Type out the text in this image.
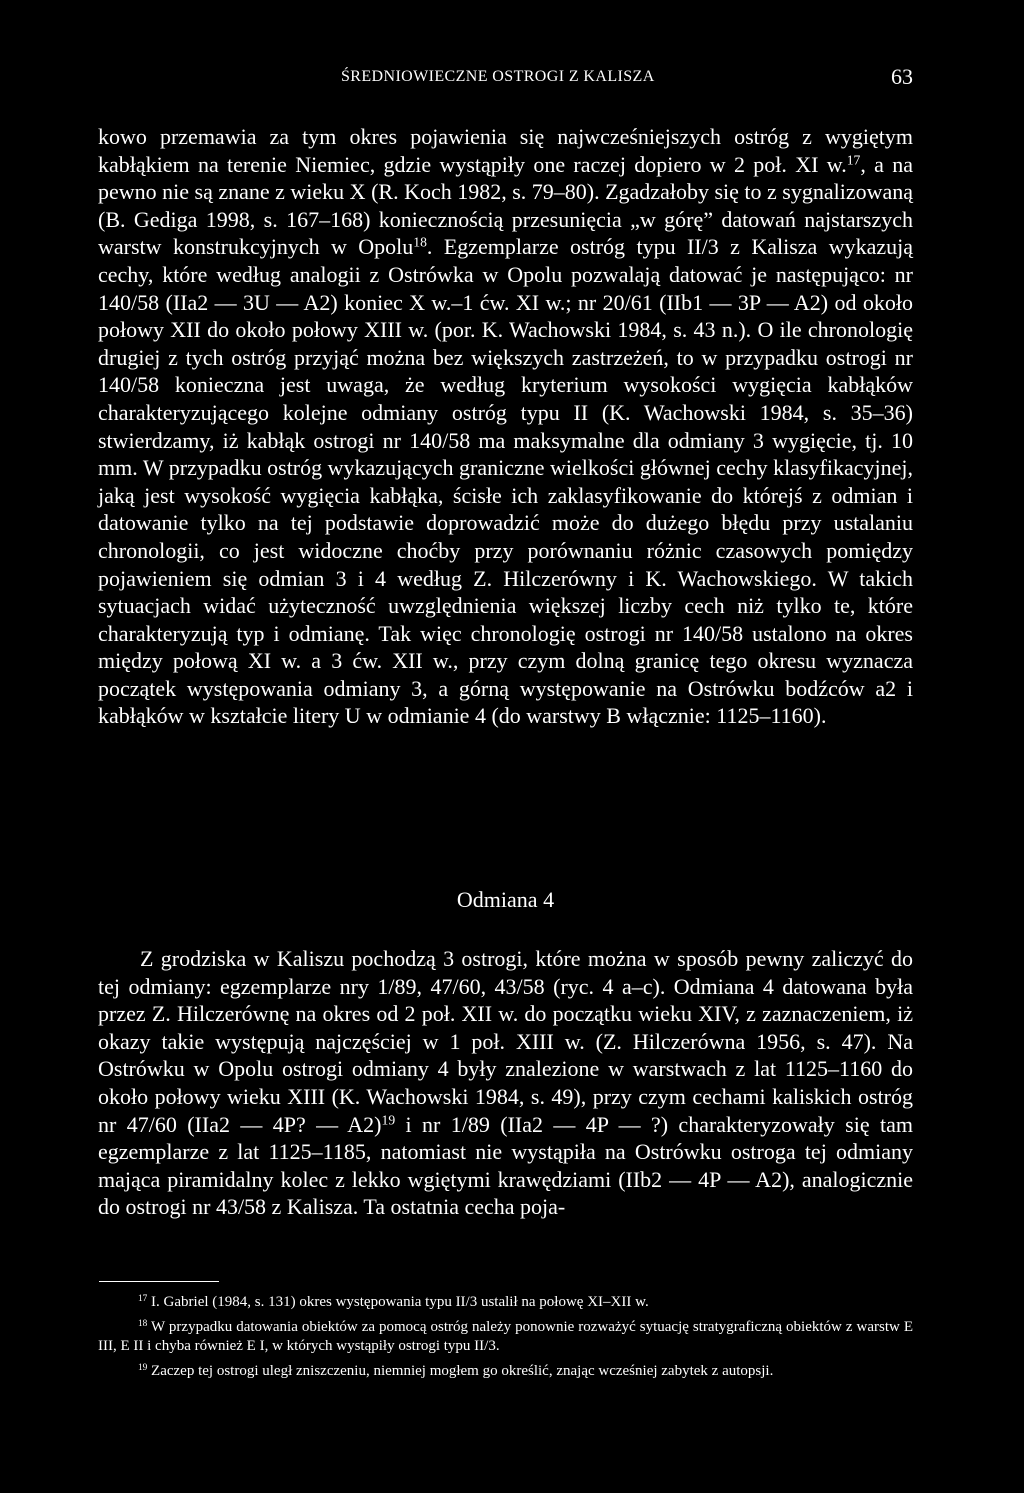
ŚREDNIOWIECZNE OSTROGI Z KALISZA	63
kowo przemawia za tym okres pojawienia się najwcześniejszych ostróg z wygiętym kabłąkiem na terenie Niemiec, gdzie wystąpiły one raczej dopiero w 2 poł. XI w.$^{17}$, a na pewno nie są znane z wieku X (R. Koch 1982, s. 79–80). Zgadzałoby się to z sygnalizowaną (B. Gediga 1998, s. 167–168) koniecznością przesunięcia „w górę” datowań najstarszych warstw konstrukcyjnych w Opolu$^{18}$. Egzemplarze ostróg typu II/3 z Kalisza wykazują cechy, które według analogii z Ostrówka w Opolu pozwalają datować je następująco: nr 140/58 (IIa2 — 3U — A2) koniec X w.–1 ćw. XI w.; nr 20/61 (IIb1 — 3P — A2) od około połowy XII do około połowy XIII w. (por. K. Wachowski 1984, s. 43 n.). O ile chronologię drugiej z tych ostróg przyjąć można bez większych zastrzeżeń, to w przypadku ostrogi nr 140/58 konieczna jest uwaga, że według kryterium wysokości wygięcia kabłąków charakteryzującego kolejne odmiany ostróg typu II (K. Wachowski 1984, s. 35–36) stwierdzamy, iż kabłąk ostrogi nr 140/58 ma maksymalne dla odmiany 3 wygięcie, tj. 10 mm. W przypadku ostróg wykazujących graniczne wielkości głównej cechy klasyfikacyjnej, jaką jest wysokość wygięcia kabłąka, ścisłe ich zaklasyfikowanie do którejś z odmian i datowanie tylko na tej podstawie doprowadzić może do dużego błędu przy ustalaniu chronologii, co jest widoczne choćby przy porównaniu różnic czasowych pomiędzy pojawieniem się odmian 3 i 4 według Z. Hilczerówny i K. Wachowskiego. W takich sytuacjach widać użyteczność uwzględnienia większej liczby cech niż tylko te, które charakteryzują typ i odmianę. Tak więc chronologię ostrogi nr 140/58 ustalono na okres między połową XI w. a 3 ćw. XII w., przy czym dolną granicę tego okresu wyznacza początek występowania odmiany 3, a górną występowanie na Ostrówku bodźców a2 i kabłąków w kształcie litery U w odmianie 4 (do warstwy B włącznie: 1125–1160).
Odmiana 4
Z grodziska w Kaliszu pochodzą 3 ostrogi, które można w sposób pewny zaliczyć do tej odmiany: egzemplarze nry 1/89, 47/60, 43/58 (ryc. 4 a–c). Odmiana 4 datowana była przez Z. Hilczerównę na okres od 2 poł. XII w. do początku wieku XIV, z zaznaczeniem, iż okazy takie występują najczęściej w 1 poł. XIII w. (Z. Hilczerówna 1956, s. 47). Na Ostrówku w Opolu ostrogi odmiany 4 były znalezione w warstwach z lat 1125–1160 do około połowy wieku XIII (K. Wachowski 1984, s. 49), przy czym cechami kaliskich ostróg nr 47/60 (IIa2 — 4P? — A2)$^{19}$ i nr 1/89 (IIa2 — 4P — ?) charakteryzowały się tam egzemplarze z lat 1125–1185, natomiast nie wystąpiła na Ostrówku ostroga tej odmiany mająca piramidalny kolec z lekko wgiętymi krawędziami (IIb2 — 4P — A2), analogicznie do ostrogi nr 43/58 z Kalisza. Ta ostatnia cecha poja-

$^{17}$ I. Gabriel (1984, s. 131) okres występowania typu II/3 ustalił na połowę XI–XII w.

$^{18}$ W przypadku datowania obiektów za pomocą ostróg należy ponownie rozważyć sytuację stratygraficzną obiektów z warstw E III, E II i chyba również E I, w których wystąpiły ostrogi typu II/3.

$^{19}$ Zaczep tej ostrogi uległ zniszczeniu, niemniej mogłem go określić, znając wcześniej zabytek z autopsji.
